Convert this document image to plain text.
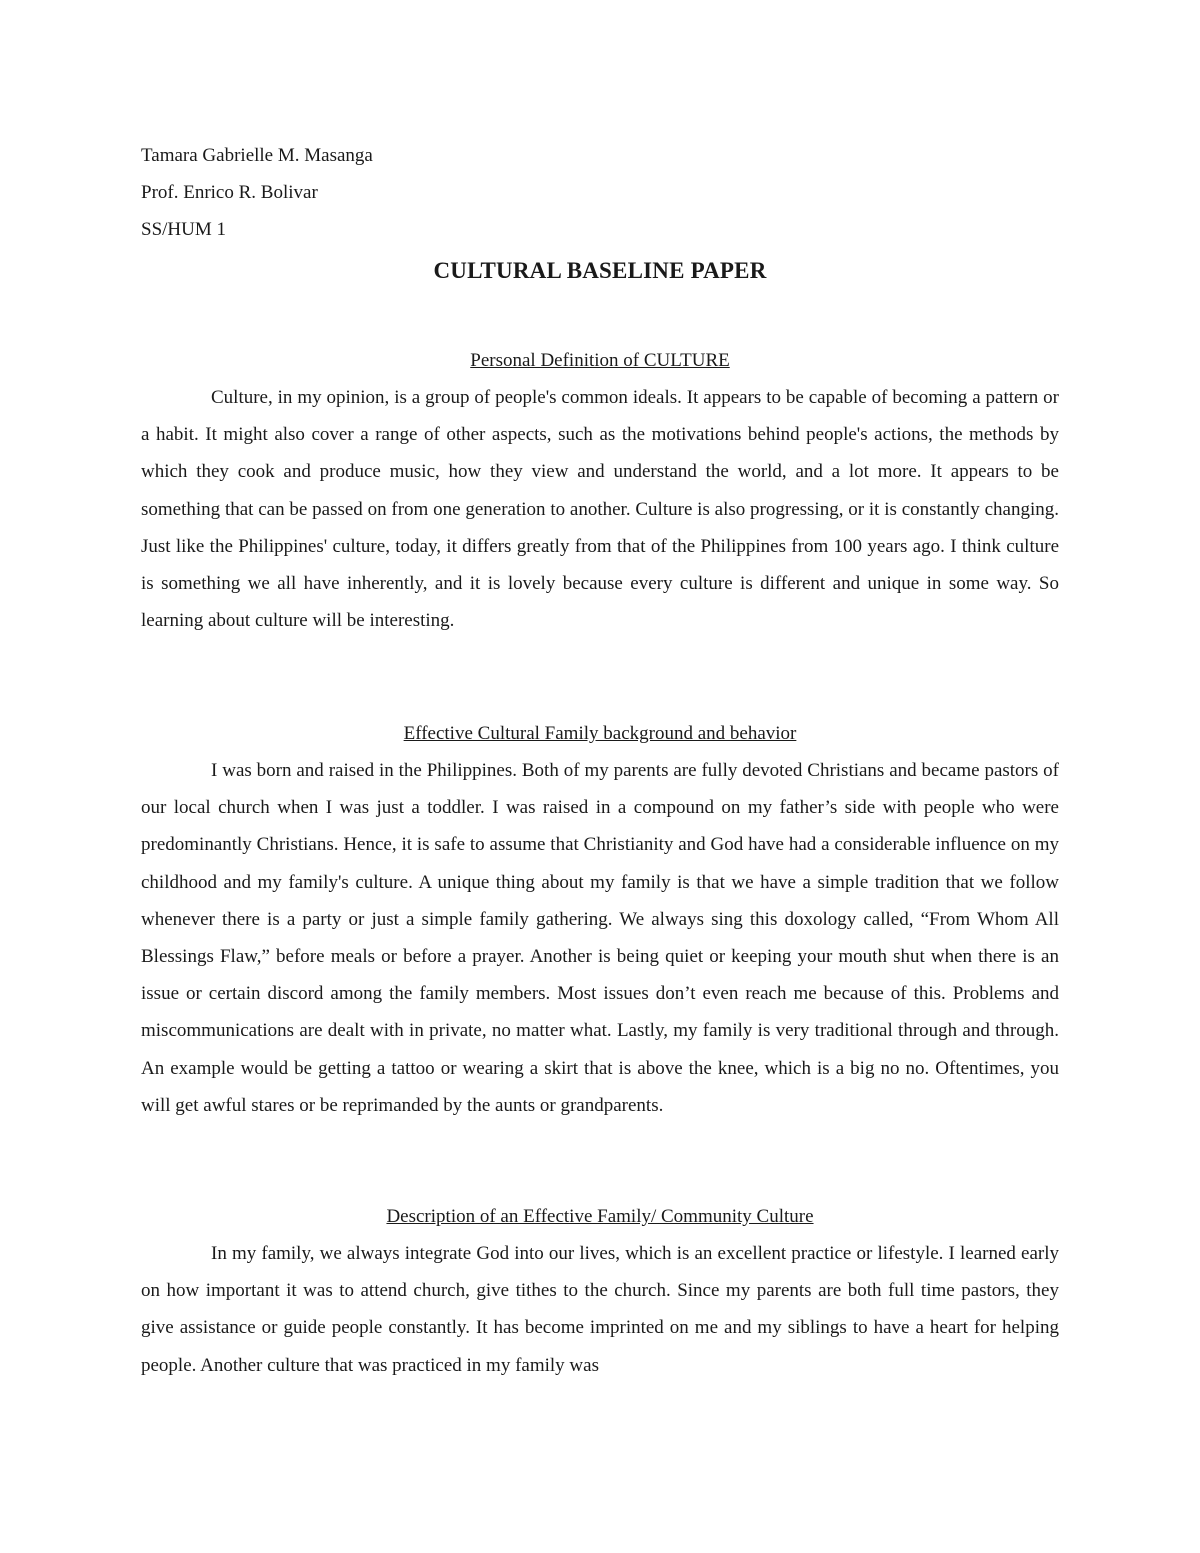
Tamara Gabrielle M. Masanga
Prof. Enrico R. Bolivar
SS/HUM 1
CULTURAL BASELINE PAPER
Personal Definition of CULTURE

Culture, in my opinion, is a group of people's common ideals. It appears to be capable of becoming a pattern or a habit. It might also cover a range of other aspects, such as the motivations behind people's actions, the methods by which they cook and produce music, how they view and understand the world, and a lot more. It appears to be something that can be passed on from one generation to another. Culture is also progressing, or it is constantly changing. Just like the Philippines' culture, today, it differs greatly from that of the Philippines from 100 years ago. I think culture is something we all have inherently, and it is lovely because every culture is different and unique in some way. So learning about culture will be interesting.

Effective Cultural Family background and behavior

I was born and raised in the Philippines. Both of my parents are fully devoted Christians and became pastors of our local church when I was just a toddler. I was raised in a compound on my father’s side with people who were predominantly Christians. Hence, it is safe to assume that Christianity and God have had a considerable influence on my childhood and my family's culture. A unique thing about my family is that we have a simple tradition that we follow whenever there is a party or just a simple family gathering. We always sing this doxology called, “From Whom All Blessings Flaw,” before meals or before a prayer. Another is being quiet or keeping your mouth shut when there is an issue or certain discord among the family members. Most issues don’t even reach me because of this. Problems and miscommunications are dealt with in private, no matter what. Lastly, my family is very traditional through and through. An example would be getting a tattoo or wearing a skirt that is above the knee, which is a big no no. Oftentimes, you will get awful stares or be reprimanded by the aunts or grandparents.

Description of an Effective Family/ Community Culture

In my family, we always integrate God into our lives, which is an excellent practice or lifestyle. I learned early on how important it was to attend church, give tithes to the church. Since my parents are both full time pastors, they give assistance or guide people constantly. It has become imprinted on me and my siblings to have a heart for helping people. Another culture that was practiced in my family was
